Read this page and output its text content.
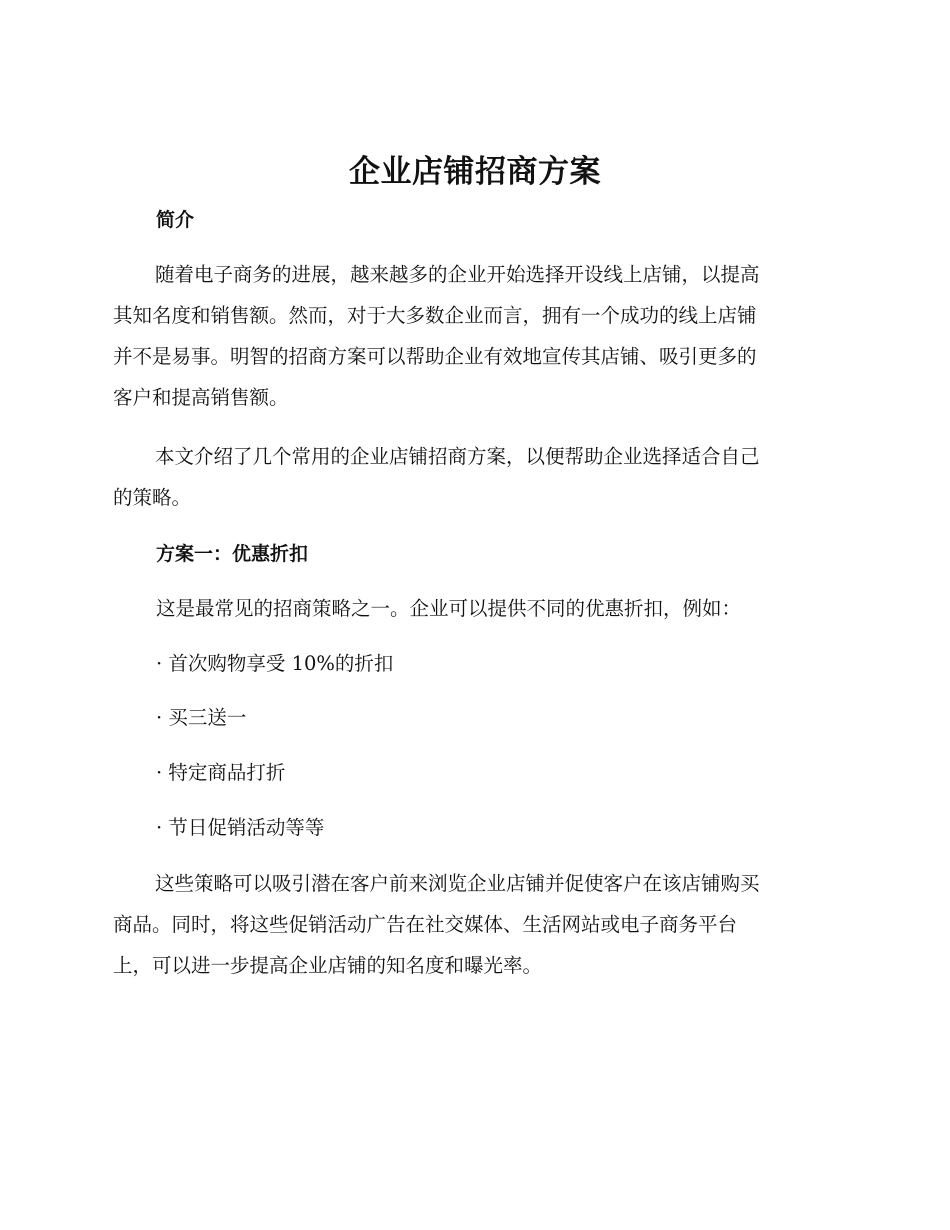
企业店铺招商方案
简介

随着电子商务的进展，越来越多的企业开始选择开设线上店铺，以提高
其知名度和销售额。然而，对于大多数企业而言，拥有一个成功的线上店铺
并不是易事。明智的招商方案可以帮助企业有效地宣传其店铺、吸引更多的
客户和提高销售额。

本文介绍了几个常用的企业店铺招商方案，以便帮助企业选择适合自己
的策略。

方案一：优惠折扣

这是最常见的招商策略之一。企业可以提供不同的优惠折扣，例如：

· 首次购物享受 10%的折扣

· 买三送一

· 特定商品打折

· 节日促销活动等等

这些策略可以吸引潜在客户前来浏览企业店铺并促使客户在该店铺购买
商品。同时，将这些促销活动广告在社交媒体、生活网站或电子商务平台
上，可以进一步提高企业店铺的知名度和曝光率。
